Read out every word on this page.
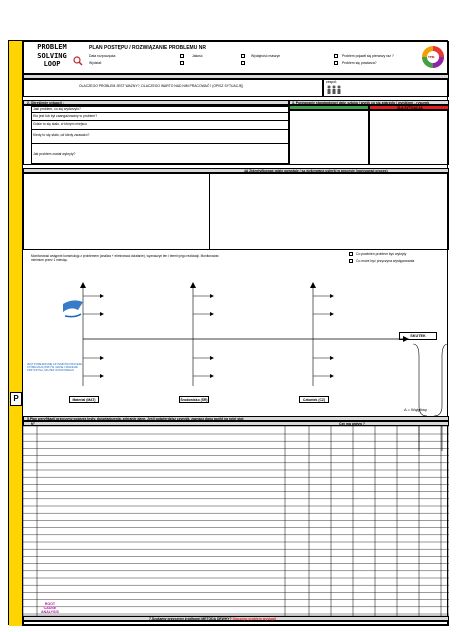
P
PROBLEM
SOLVING
LOOP
PLAN POSTĘPU / ROZWIĄZANIE PROBLEMU NR
Data rozpoczęcia:
Wydział:
Jakość	Wydajność maszyn	Problem pojawił się pierwszy raz ?
Problem się powtarza?
TPM
OLACZEGO PROBLEM JEST WAŻNY?, DLACZEGO WARTO NAD NIM PRACOWAĆ? (OPISZ SYTUACJĘ)
zespół:
2. Określenie sytuacji :
Jaki problem, co się wydarzyło?
Kto jest lub był zaangażowany w problem?
Gdzie to się stało, w którym miejscu
Kiedy to się stało, od kiedy zauważo?
Jak problem został wykryty?
3. Porównanie standardowej daty, sztuka / wynik co się zdarzyło / wynikiem - rysunek
ZŁA SYTUACJA
4A Zidentyfikować gdzie powstaje / są wykrywane usterki w procesie (narysować proces)
Monitorować wstępnie konstrukcję z problemem (analiza + eliminować działanie), wyznaczyć ten i termin jego realizacji. Monitorować minimum przez 1 miesiąc.
Co powinien problem być wykryty
Co może być przyczyna występowania
SKUTEK
JEST PODEJRZANIE CZYNNIKÓW PROCESU KTÓRE MAJĄ WPŁYW, GDZIE I ZDANIAMI PRZYCZYNA, SKUTEK WYNIKOWEGO
Materiał (MAT)	Środowisko (ŚR)	Człowiek (CZ)
Δ = Wątpliwy
5.Plan weryfikacji przyczyny poprzez testy, doświadczenia, zebranie dane. Jeśli potwierdzisz czynnik, zaznacz daną punkt na rotej stoi:
N°	Czy ma wpływ ?
ROOT
CAUSE
ANALYSIS
7.Szukamy przyczyny źródłowej METODĄ DEWHY? Dlaczego problem wystąpił
